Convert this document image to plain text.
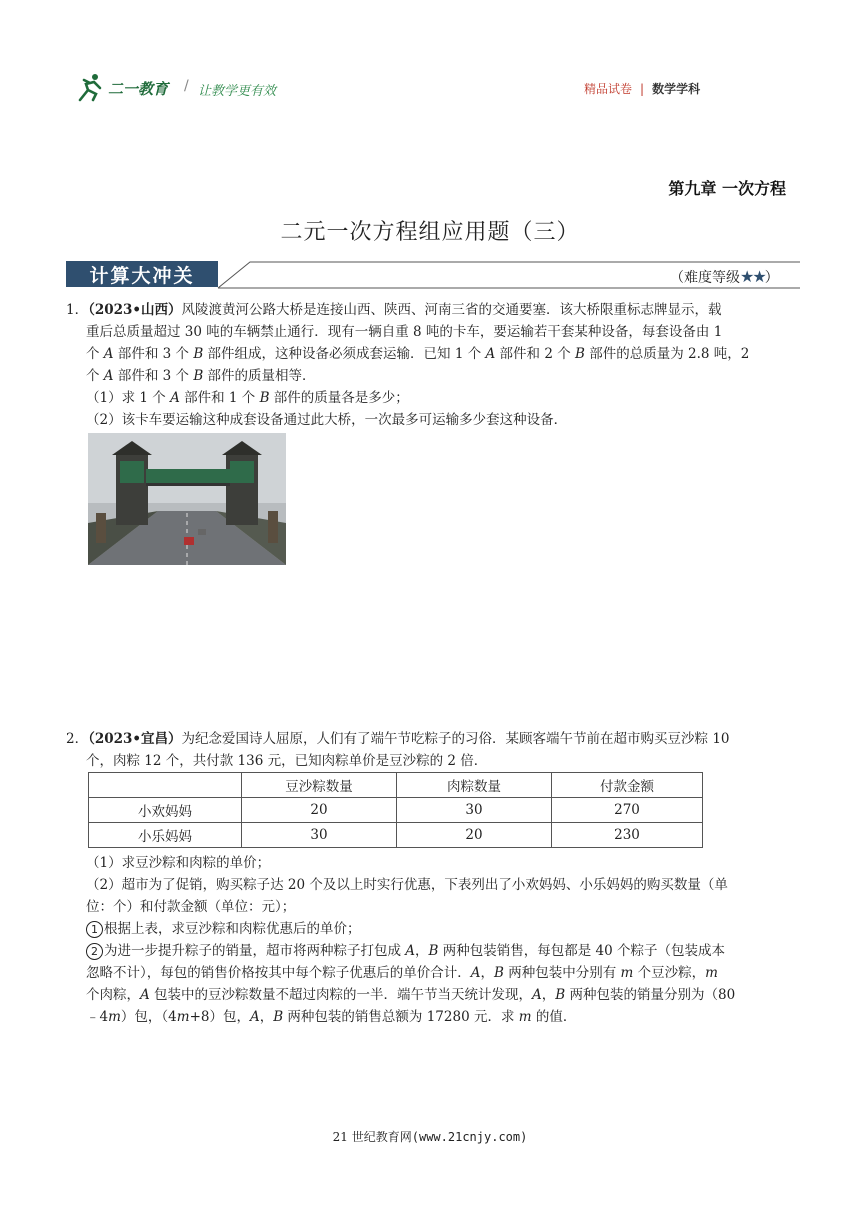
二一教育 / 让教学更有效	精品试卷 | 数学学科
第九章 一次方程
二元一次方程组应用题（三）
计算大冲关	（难度等级★★）
1．（2023•山西）风陵渡黄河公路大桥是连接山西、陕西、河南三省的交通要塞．该大桥限重标志牌显示，载
重后总质量超过 30 吨的车辆禁止通行．现有一辆自重 8 吨的卡车，要运输若干套某种设备，每套设备由 1
个 A 部件和 3 个 B 部件组成，这种设备必须成套运输．已知 1 个 A 部件和 2 个 B 部件的总质量为 2.8 吨，2
个 A 部件和 3 个 B 部件的质量相等．
（1）求 1 个 A 部件和 1 个 B 部件的质量各是多少；
（2）该卡车要运输这种成套设备通过此大桥，一次最多可运输多少套这种设备．
2．（2023•宜昌）为纪念爱国诗人屈原，人们有了端午节吃粽子的习俗．某顾客端午节前在超市购买豆沙粽 10
个，肉粽 12 个，共付款 136 元，已知肉粽单价是豆沙粽的 2 倍．
	豆沙粽数量	肉粽数量	付款金额
小欢妈妈	20	30	270
小乐妈妈	30	20	230
（1）求豆沙粽和肉粽的单价；
（2）超市为了促销，购买粽子达 20 个及以上时实行优惠，下表列出了小欢妈妈、小乐妈妈的购买数量（单
位：个）和付款金额（单位：元）；
1 根据上表，求豆沙粽和肉粽优惠后的单价；
2 为进一步提升粽子的销量，超市将两种粽子打包成 A，B 两种包装销售，每包都是 40 个粽子（包装成本
忽略不计），每包的销售价格按其中每个粽子优惠后的单价合计．A，B 两种包装中分别有 m 个豆沙粽，m
个肉粽，A 包装中的豆沙粽数量不超过肉粽的一半．端午节当天统计发现，A，B 两种包装的销量分别为（80
﹣4m）包，（4m+8）包，A，B 两种包装的销售总额为 17280 元．求 m 的值．
21 世纪教育网(www.21cnjy.com)
